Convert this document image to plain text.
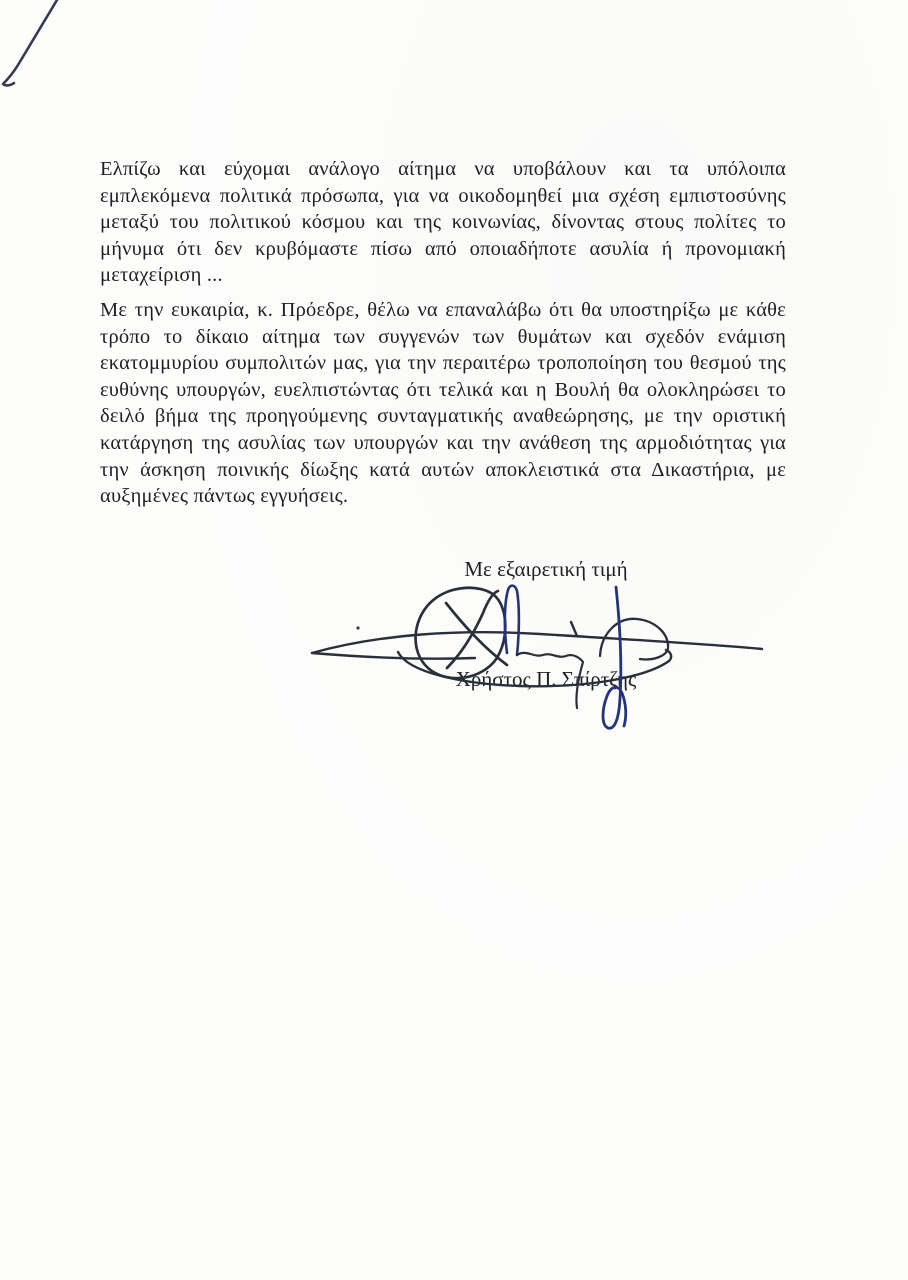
Ελπίζω και εύχομαι ανάλογο αίτημα να υποβάλουν και τα υπόλοιπα εμπλεκόμενα πολιτικά πρόσωπα, για να οικοδομηθεί μια σχέση εμπιστοσύνης μεταξύ του πολιτικού κόσμου και της κοινωνίας, δίνοντας στους πολίτες το μήνυμα ότι δεν κρυβόμαστε πίσω από οποιαδήποτε ασυλία ή προνομιακή μεταχείριση ...

Με την ευκαιρία, κ. Πρόεδρε, θέλω να επαναλάβω ότι θα υποστηρίξω με κάθε τρόπο το δίκαιο αίτημα των συγγενών των θυμάτων και σχεδόν ενάμιση εκατομμυρίου συμπολιτών μας, για την περαιτέρω τροποποίηση του θεσμού της ευθύνης υπουργών, ευελπιστώντας ότι τελικά και η Βουλή θα ολοκληρώσει το δειλό βήμα της προηγούμενης συνταγματικής αναθεώρησης, με την οριστική κατάργηση της ασυλίας των υπουργών και την ανάθεση της αρμοδιότητας για την άσκηση ποινικής δίωξης κατά αυτών αποκλειστικά στα Δικαστήρια, με αυξημένες πάντως εγγυήσεις.

Με εξαιρετική τιμή
Χρήστος Π. Σπίρτζης
